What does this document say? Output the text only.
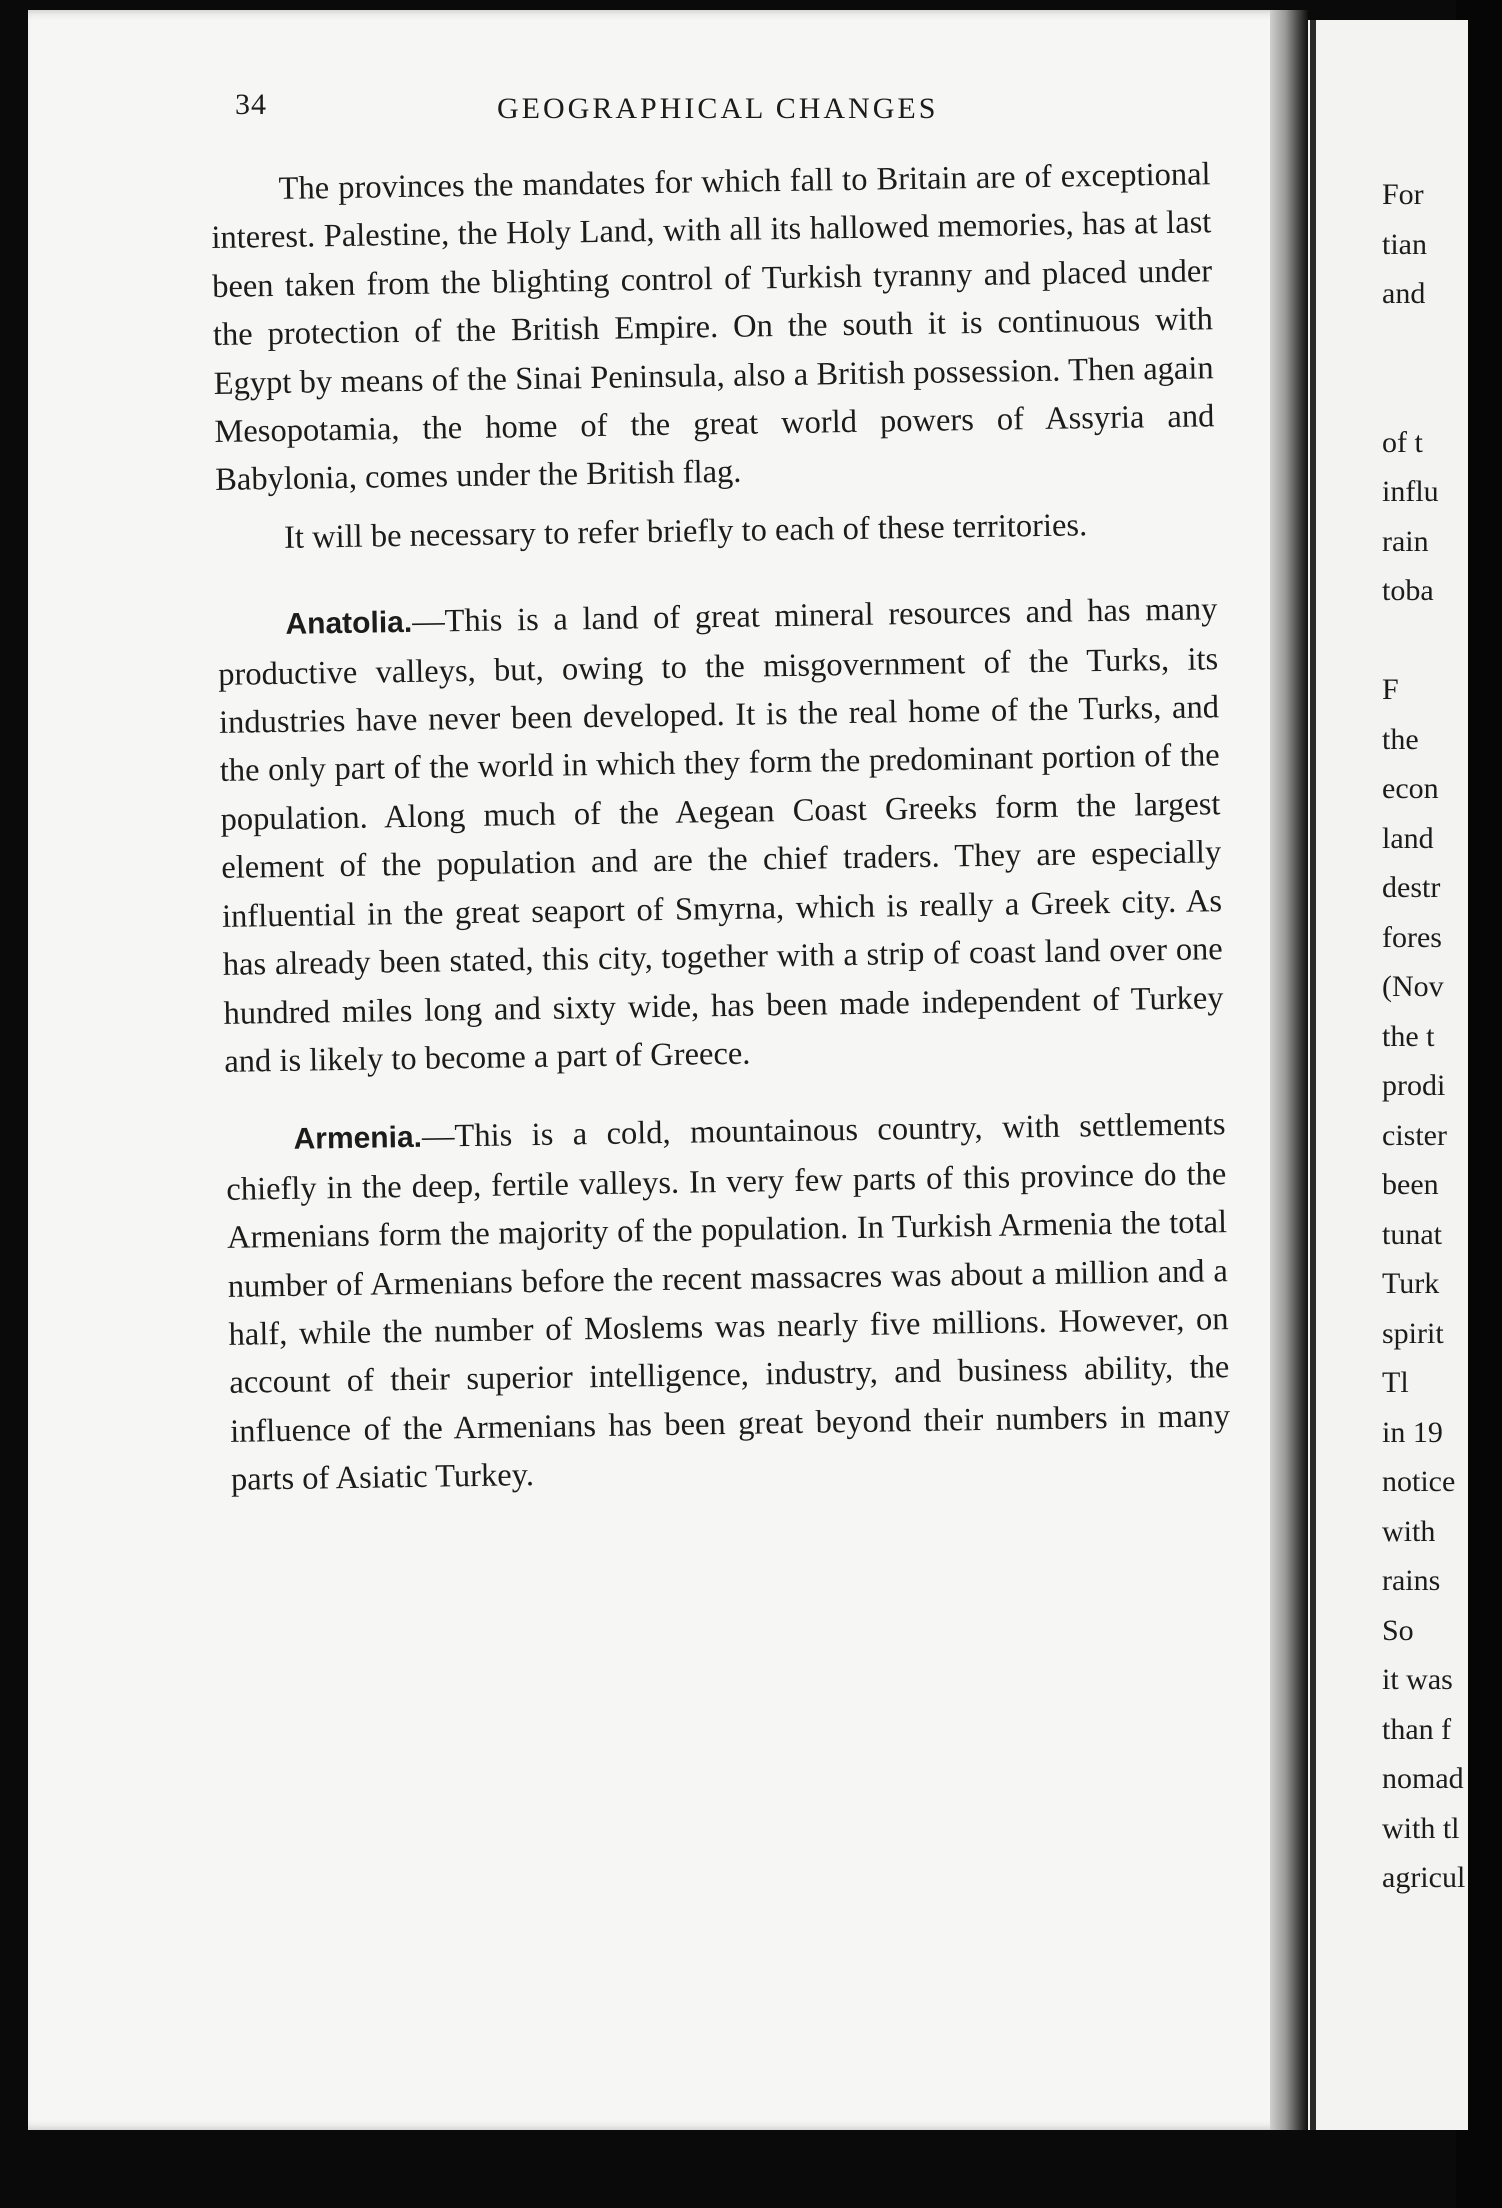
34	GEOGRAPHICAL CHANGES

The provinces the mandates for which fall to Britain are of exceptional interest. Palestine, the Holy Land, with all its hallowed memories, has at last been taken from the blighting control of Turkish tyranny and placed under the protection of the British Empire. On the south it is continuous with Egypt by means of the Sinai Peninsula, also a British possession. Then again Mesopotamia, the home of the great world powers of Assyria and Babylonia, comes under the British flag.

It will be necessary to refer briefly to each of these territories.

Anatolia.—This is a land of great mineral resources and has many productive valleys, but, owing to the misgovernment of the Turks, its industries have never been developed. It is the real home of the Turks, and the only part of the world in which they form the predominant portion of the population. Along much of the Aegean Coast Greeks form the largest element of the population and are the chief traders. They are especially influential in the great seaport of Smyrna, which is really a Greek city. As has already been stated, this city, together with a strip of coast land over one hundred miles long and sixty wide, has been made independent of Turkey and is likely to become a part of Greece.

Armenia.—This is a cold, mountainous country, with settlements chiefly in the deep, fertile valleys. In very few parts of this province do the Armenians form the majority of the population. In Turkish Armenia the total number of Armenians before the recent massacres was about a million and a half, while the number of Moslems was nearly five millions. However, on account of their superior intelligence, industry, and business ability, the influence of the Armenians has been great beyond their numbers in many parts of Asiatic Turkey.

For
tian
and
of t
influ
rain
toba
F
the
econ
land
destr
fores
(Nov
the t
prodi
cister
been
tunat
Turk
spirit
Tl
in 19
notice
with
rains
So
it was
than f
nomad
with tl
agricul
